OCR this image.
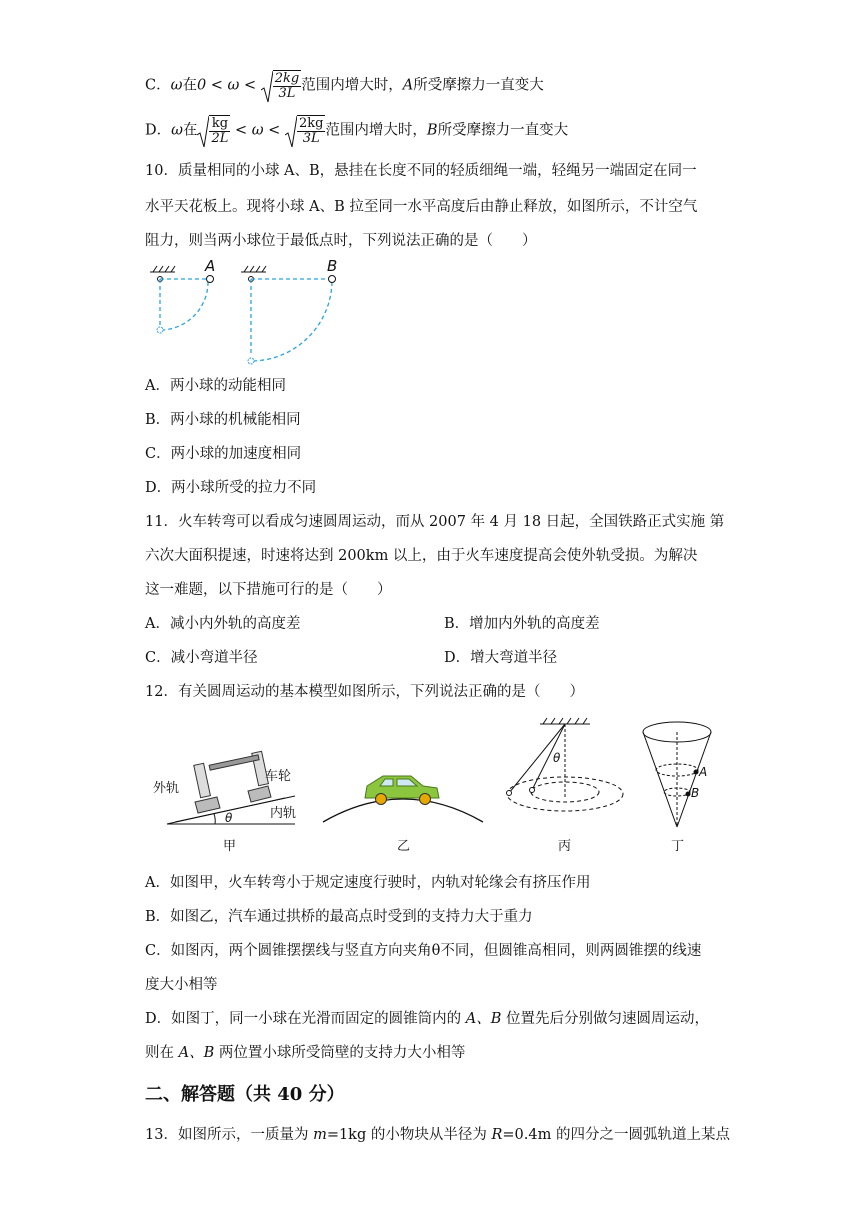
C．ω在$0 < \omega < \frac{2kg}{3L}$ 范围内增大时，A所受摩擦力一直变大
D．ω在 $\frac{kg}{2L} < \omega < \frac{2kg}{3L}$ 范围内增大时，B所受摩擦力一直变大
10．质量相同的小球 A、B，悬挂在长度不同的轻质细绳一端，轻绳另一端固定在同一
水平天花板上。现将小球 A、B 拉至同一水平高度后由静止释放，如图所示，不计空气
阻力，则当两小球位于最低点时，下列说法正确的是（　　）
A	B
A．两小球的动能相同
B．两小球的机械能相同
C．两小球的加速度相同
D．两小球所受的拉力不同
11．火车转弯可以看成匀速圆周运动，而从 2007 年 4 月 18 日起，全国铁路正式实施 第
六次大面积提速，时速将达到 200km 以上，由于火车速度提高会使外轨受损。为解决
这一难题，以下措施可行的是（　　）
A．减小内外轨的高度差	B．增加内外轨的高度差
C．减小弯道半径	D．增大弯道半径
12．有关圆周运动的基本模型如图所示，下列说法正确的是（　　）
外轨
车轮
内轨
θ
甲	乙
θ
丙
A
B
丁
A．如图甲，火车转弯小于规定速度行驶时，内轨对轮缘会有挤压作用
B．如图乙，汽车通过拱桥的最高点时受到的支持力大于重力
C．如图丙，两个圆锥摆摆线与竖直方向夹角θ不同，但圆锥高相同，则两圆锥摆的线速
度大小相等
D．如图丁，同一小球在光滑而固定的圆锥筒内的 A、B 位置先后分别做匀速圆周运动，
则在 A、B 两位置小球所受筒壁的支持力大小相等
二、解答题（共 40 分）
13．如图所示，一质量为 m=1kg 的小物块从半径为 R=0.4m 的四分之一圆弧轨道上某点
